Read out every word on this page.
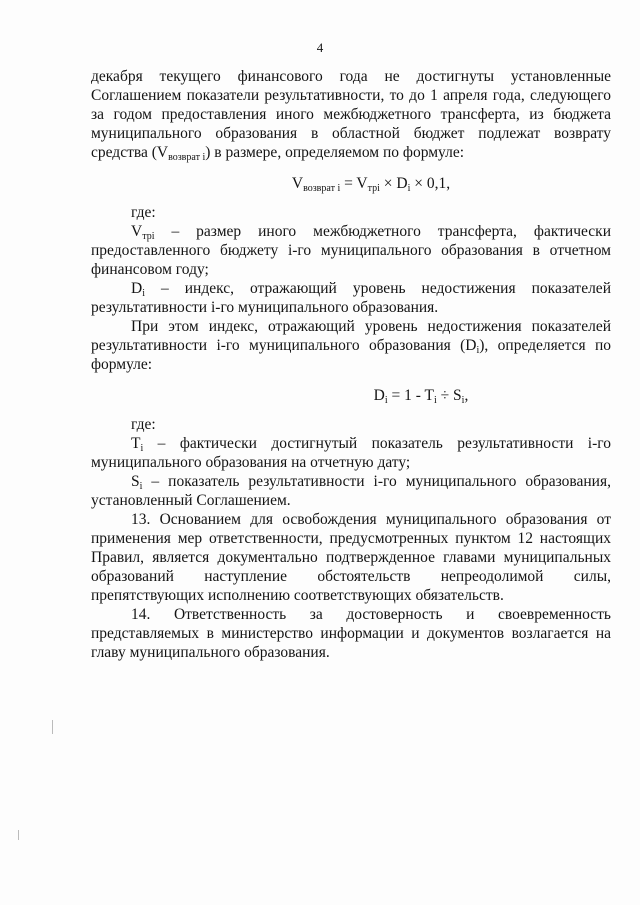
4

декабря текущего финансового года не достигнуты установленные Соглашением показатели результативности, то до 1 апреля года, следующего за годом предоставления иного межбюджетного трансферта, из бюджета муниципального образования в областной бюджет подлежат возврату средства $(V_{возврат i})$ в размере, определяемом по формуле:

$V_{возврат i} = V_{трi} \times D_i \times 0,1$,

где:

$V_{трi}$ – размер иного межбюджетного трансферта, фактически предоставленного бюджету i-го муниципального образования в отчетном финансовом году;

$D_i$ – индекс, отражающий уровень недостижения показателей результативности i-го муниципального образования.

При этом индекс, отражающий уровень недостижения показателей результативности i-го муниципального образования $(D_i)$, определяется по формуле:

$D_i = 1 - T_i \div S_i$,

где:

$T_i$ – фактически достигнутый показатель результативности i-го муниципального образования на отчетную дату;

$S_i$ – показатель результативности i-го муниципального образования, установленный Соглашением.

13. Основанием для освобождения муниципального образования от применения мер ответственности, предусмотренных пунктом 12 настоящих Правил, является документально подтвержденное главами муниципальных образований наступление обстоятельств непреодолимой силы, препятствующих исполнению соответствующих обязательств.

14. Ответственность за достоверность и своевременность представляемых в министерство информации и документов возлагается на главу муниципального образования.
